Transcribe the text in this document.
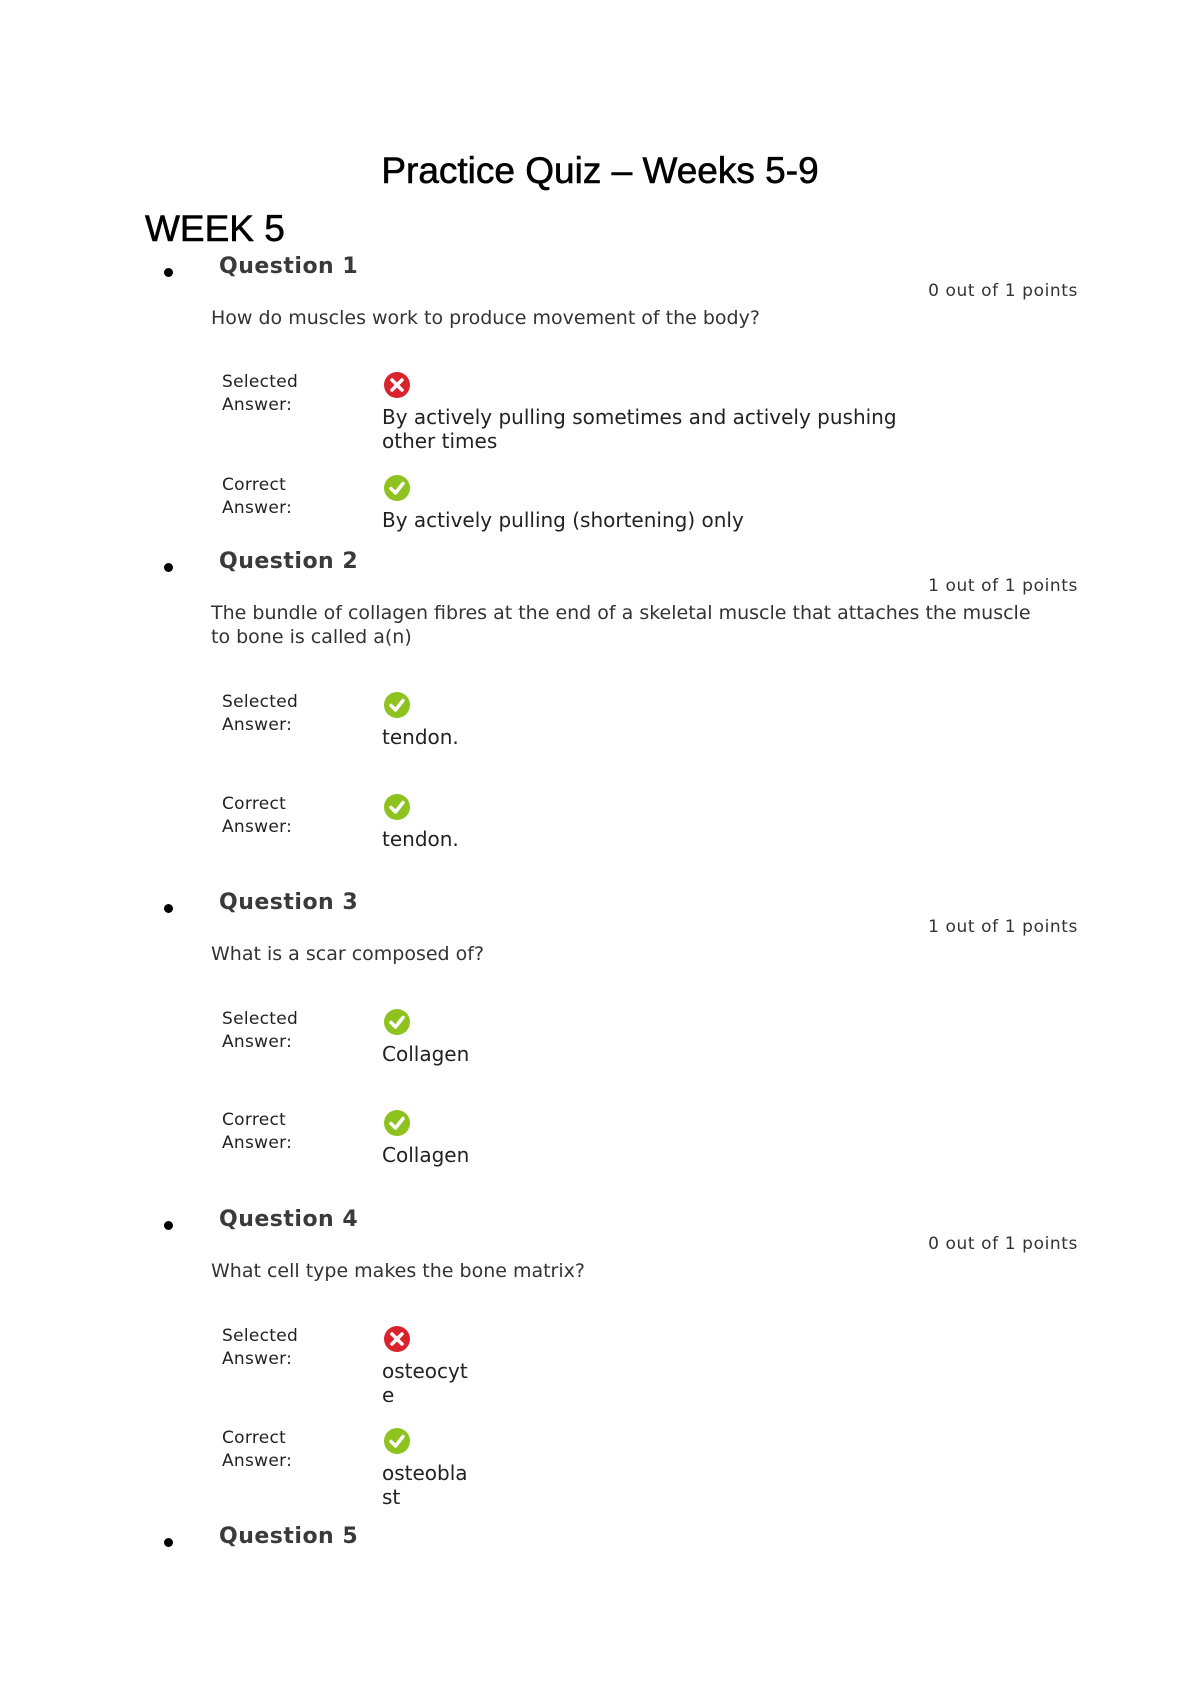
Practice Quiz – Weeks 5-9
WEEK 5
Question 1
0 out of 1 points
How do muscles work to produce movement of the body?
Selected Answer:	By actively pulling sometimes and actively pushing other times
Correct Answer:	By actively pulling (shortening) only
Question 2
1 out of 1 points
The bundle of collagen fibres at the end of a skeletal muscle that attaches the muscle to bone is called a(n)
Selected Answer:	tendon.
Correct Answer:	tendon.
Question 3
1 out of 1 points
What is a scar composed of?
Selected Answer:	Collagen
Correct Answer:	Collagen
Question 4
0 out of 1 points
What cell type makes the bone matrix?
Selected Answer:	osteocyte
Correct Answer:	osteoblast
Question 5
